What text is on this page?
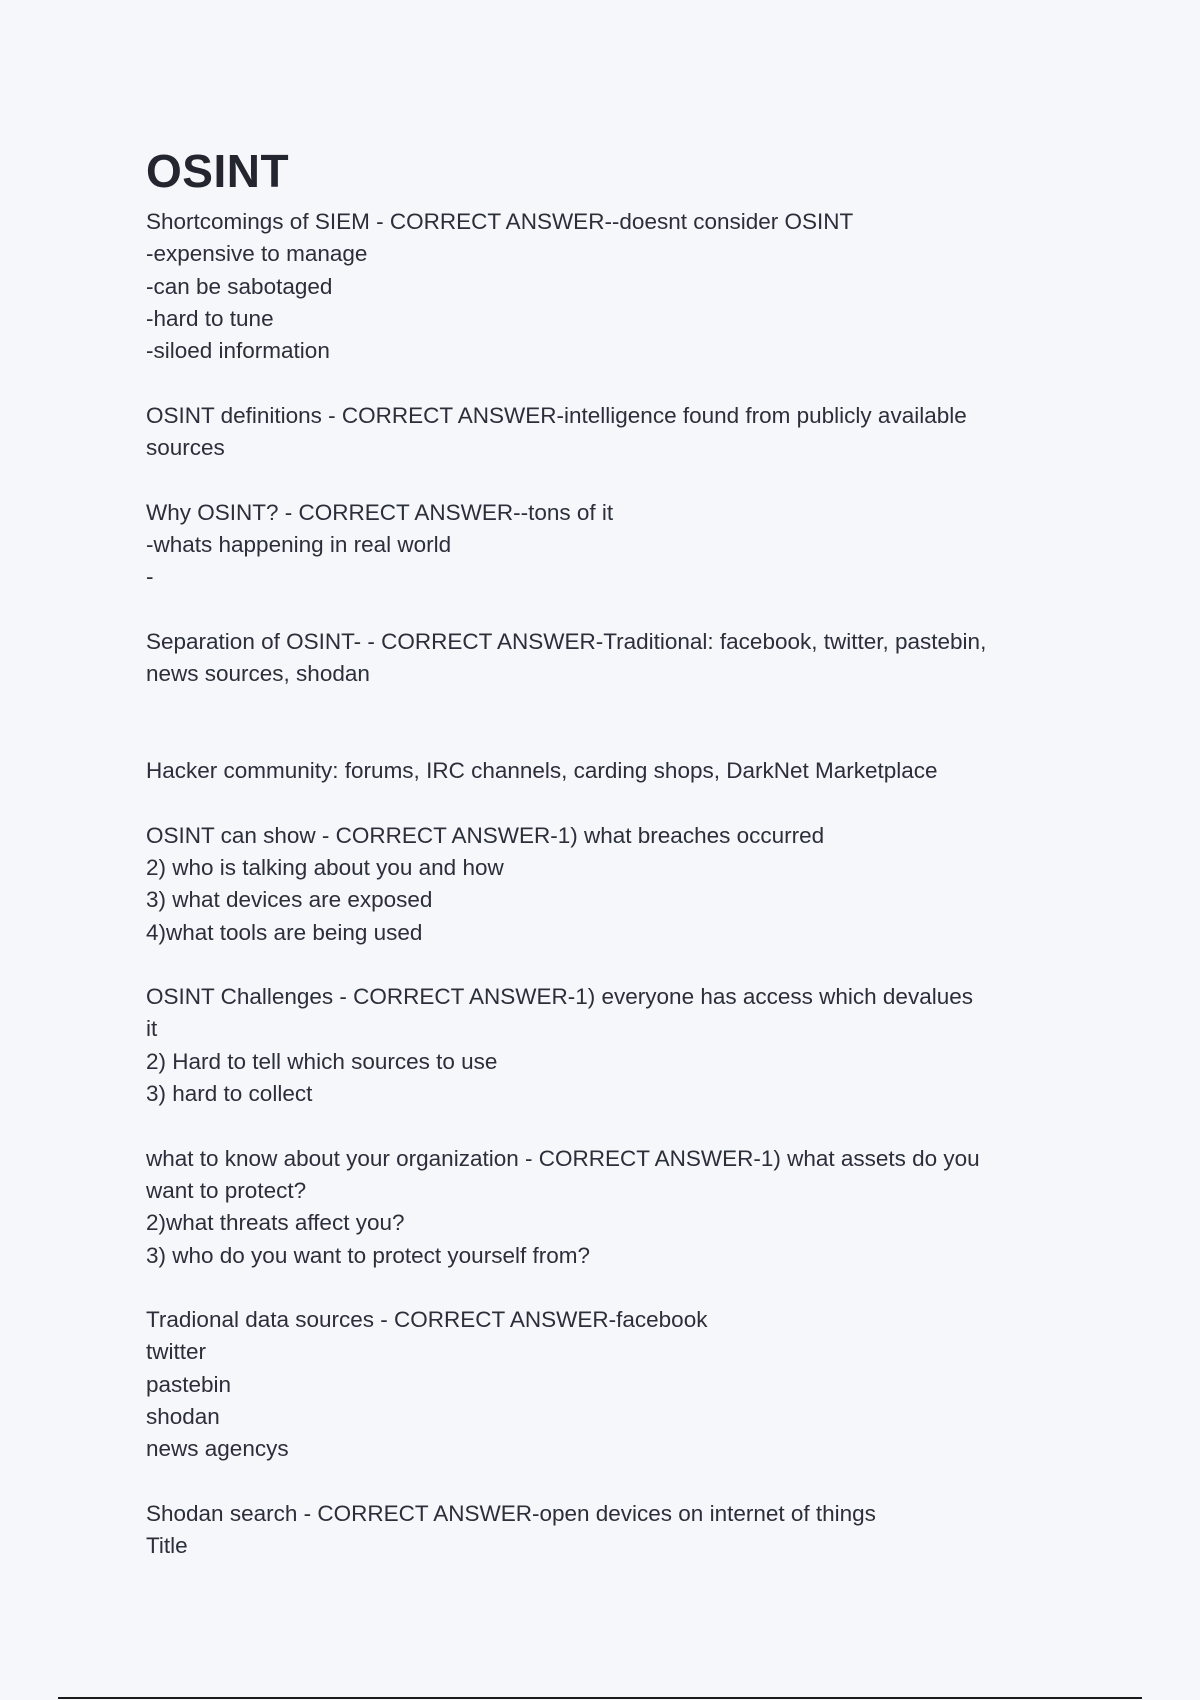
OSINT
Shortcomings of SIEM - CORRECT ANSWER--doesnt consider OSINT
-expensive to manage
-can be sabotaged
-hard to tune
-siloed information
OSINT definitions - CORRECT ANSWER-intelligence found from publicly available
sources
Why OSINT? - CORRECT ANSWER--tons of it
-whats happening in real world
-
Separation of OSINT- - CORRECT ANSWER-Traditional: facebook, twitter, pastebin,
news sources, shodan
Hacker community: forums, IRC channels, carding shops, DarkNet Marketplace
OSINT can show - CORRECT ANSWER-1) what breaches occurred
2) who is talking about you and how
3) what devices are exposed
4)what tools are being used
OSINT Challenges - CORRECT ANSWER-1) everyone has access which devalues
it
2) Hard to tell which sources to use
3) hard to collect
what to know about your organization - CORRECT ANSWER-1) what assets do you
want to protect?
2)what threats affect you?
3) who do you want to protect yourself from?
Tradional data sources - CORRECT ANSWER-facebook
twitter
pastebin
shodan
news agencys
Shodan search - CORRECT ANSWER-open devices on internet of things
Title
